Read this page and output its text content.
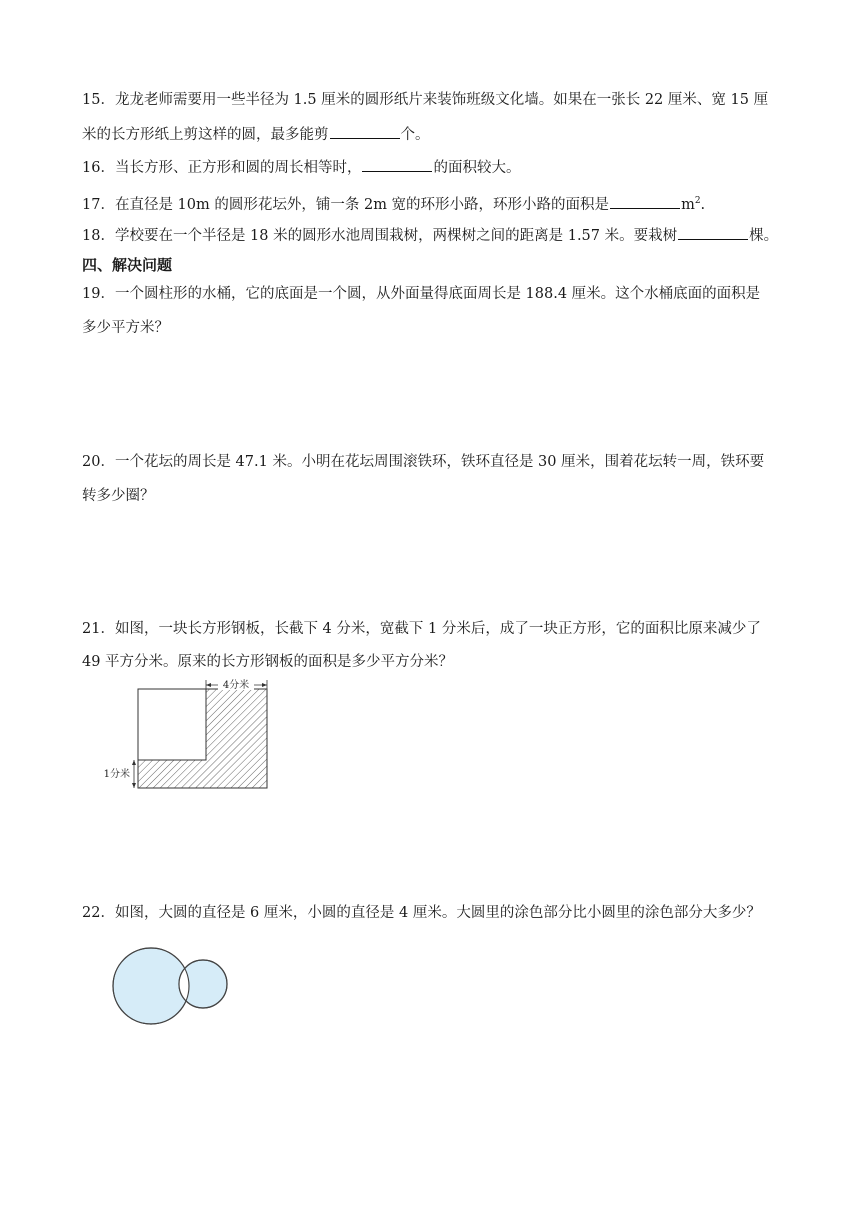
15．龙龙老师需要用一些半径为 1.5 厘米的圆形纸片来装饰班级文化墙。如果在一张长 22 厘米、宽 15 厘
米的长方形纸上剪这样的圆，最多能剪	个。
16．当长方形、正方形和圆的周长相等时，	的面积较大。
17．在直径是 10m 的圆形花坛外，铺一条 2m 宽的环形小路，环形小路的面积是	$m^2$.
18．学校要在一个半径是 18 米的圆形水池周围栽树，两棵树之间的距离是 1.57 米。要栽树	棵。
四、解决问题
19．一个圆柱形的水桶，它的底面是一个圆，从外面量得底面周长是 188.4 厘米。这个水桶底面的面积是
多少平方米？
20．一个花坛的周长是 47.1 米。小明在花坛周围滚铁环，铁环直径是 30 厘米，围着花坛转一周，铁环要
转多少圈？
21．如图，一块长方形钢板，长截下 4 分米，宽截下 1 分米后，成了一块正方形，它的面积比原来减少了
49 平方分米。原来的长方形钢板的面积是多少平方分米？
4分米
1分米
22．如图，大圆的直径是 6 厘米，小圆的直径是 4 厘米。大圆里的涂色部分比小圆里的涂色部分大多少？
